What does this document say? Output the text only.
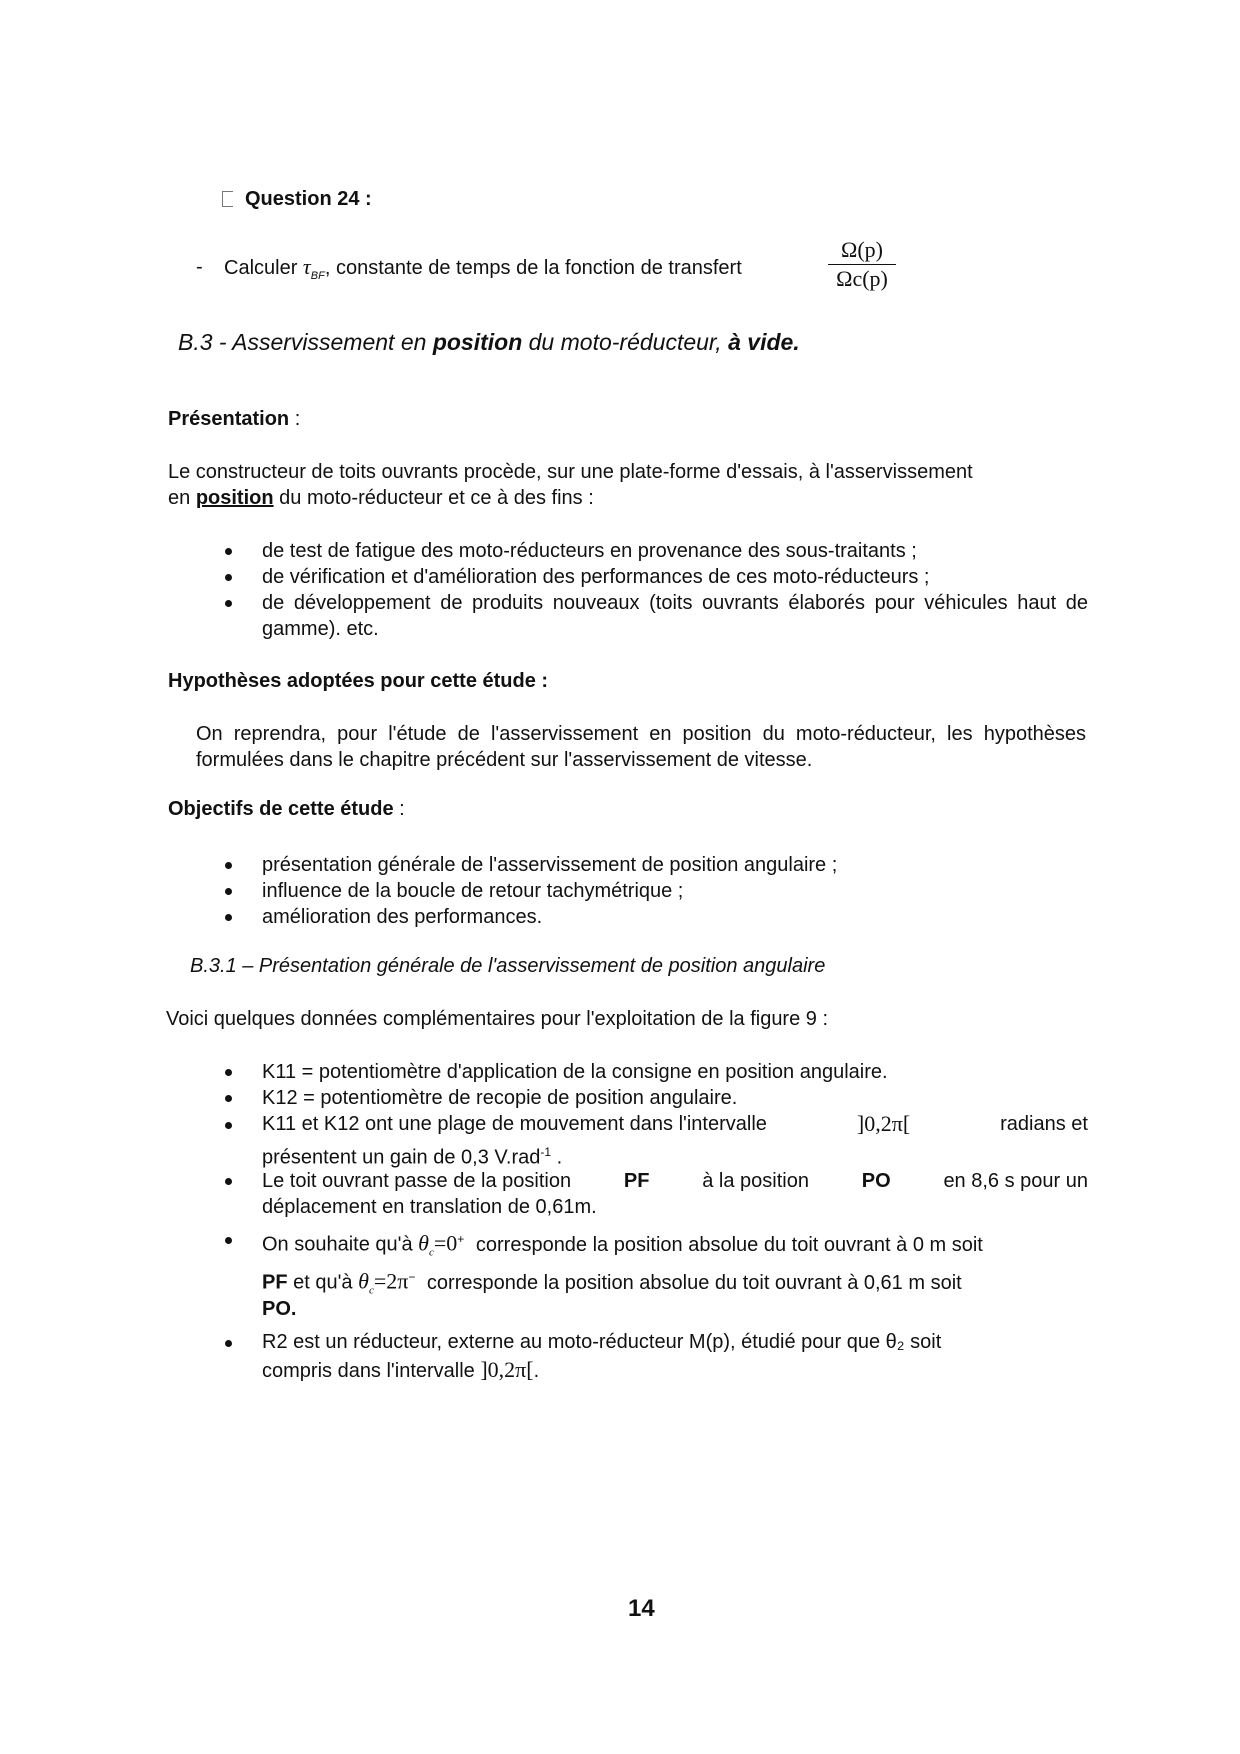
Question 24 :
- Calculer $\tau_{BF}$, constante de temps de la fonction de transfert
Ω(p)
Ωc(p)
B.3 - Asservissement en position du moto-réducteur, à vide.
Présentation :
Le constructeur de toits ouvrants procède, sur une plate-forme d'essais, à l'asservissement
en position du moto-réducteur et ce à des fins :
de test de fatigue des moto-réducteurs en provenance des sous-traitants ;
de vérification et d'amélioration des performances de ces moto-réducteurs ;
de développement de produits nouveaux (toits ouvrants élaborés pour véhicules haut de gamme). etc.
Hypothèses adoptées pour cette étude :
On reprendra, pour l'étude de l'asservissement en position du moto-réducteur, les hypothèses formulées dans le chapitre précédent sur l'asservissement de vitesse.
Objectifs de cette étude :
présentation générale de l'asservissement de position angulaire ;
influence de la boucle de retour tachymétrique ;
amélioration des performances.
B.3.1 – Présentation générale de l'asservissement de position angulaire
Voici quelques données complémentaires pour l'exploitation de la figure 9 :
K11 = potentiomètre d'application de la consigne en position angulaire.
K12 = potentiomètre de recopie de position angulaire.
K11 et K12 ont une plage de mouvement dans l'intervalle	]0,2π[	radians et
présentent un gain de 0,3 V.rad$^{-1}$ .
Le toit ouvrant passe de la position	PF	à la position	PO	en 8,6 s pour un
déplacement en translation de 0,61m.
On souhaite qu'à $\theta_c=0^+$ corresponde la position absolue du toit ouvrant à 0 m soit
PF et qu'à $\theta_c=2\pi^-$ corresponde la position absolue du toit ouvrant à 0,61 m soit
PO.
R2 est un réducteur, externe au moto-réducteur M(p), étudié pour que θ₂ soit
compris dans l'intervalle ]0,2π[.
14
